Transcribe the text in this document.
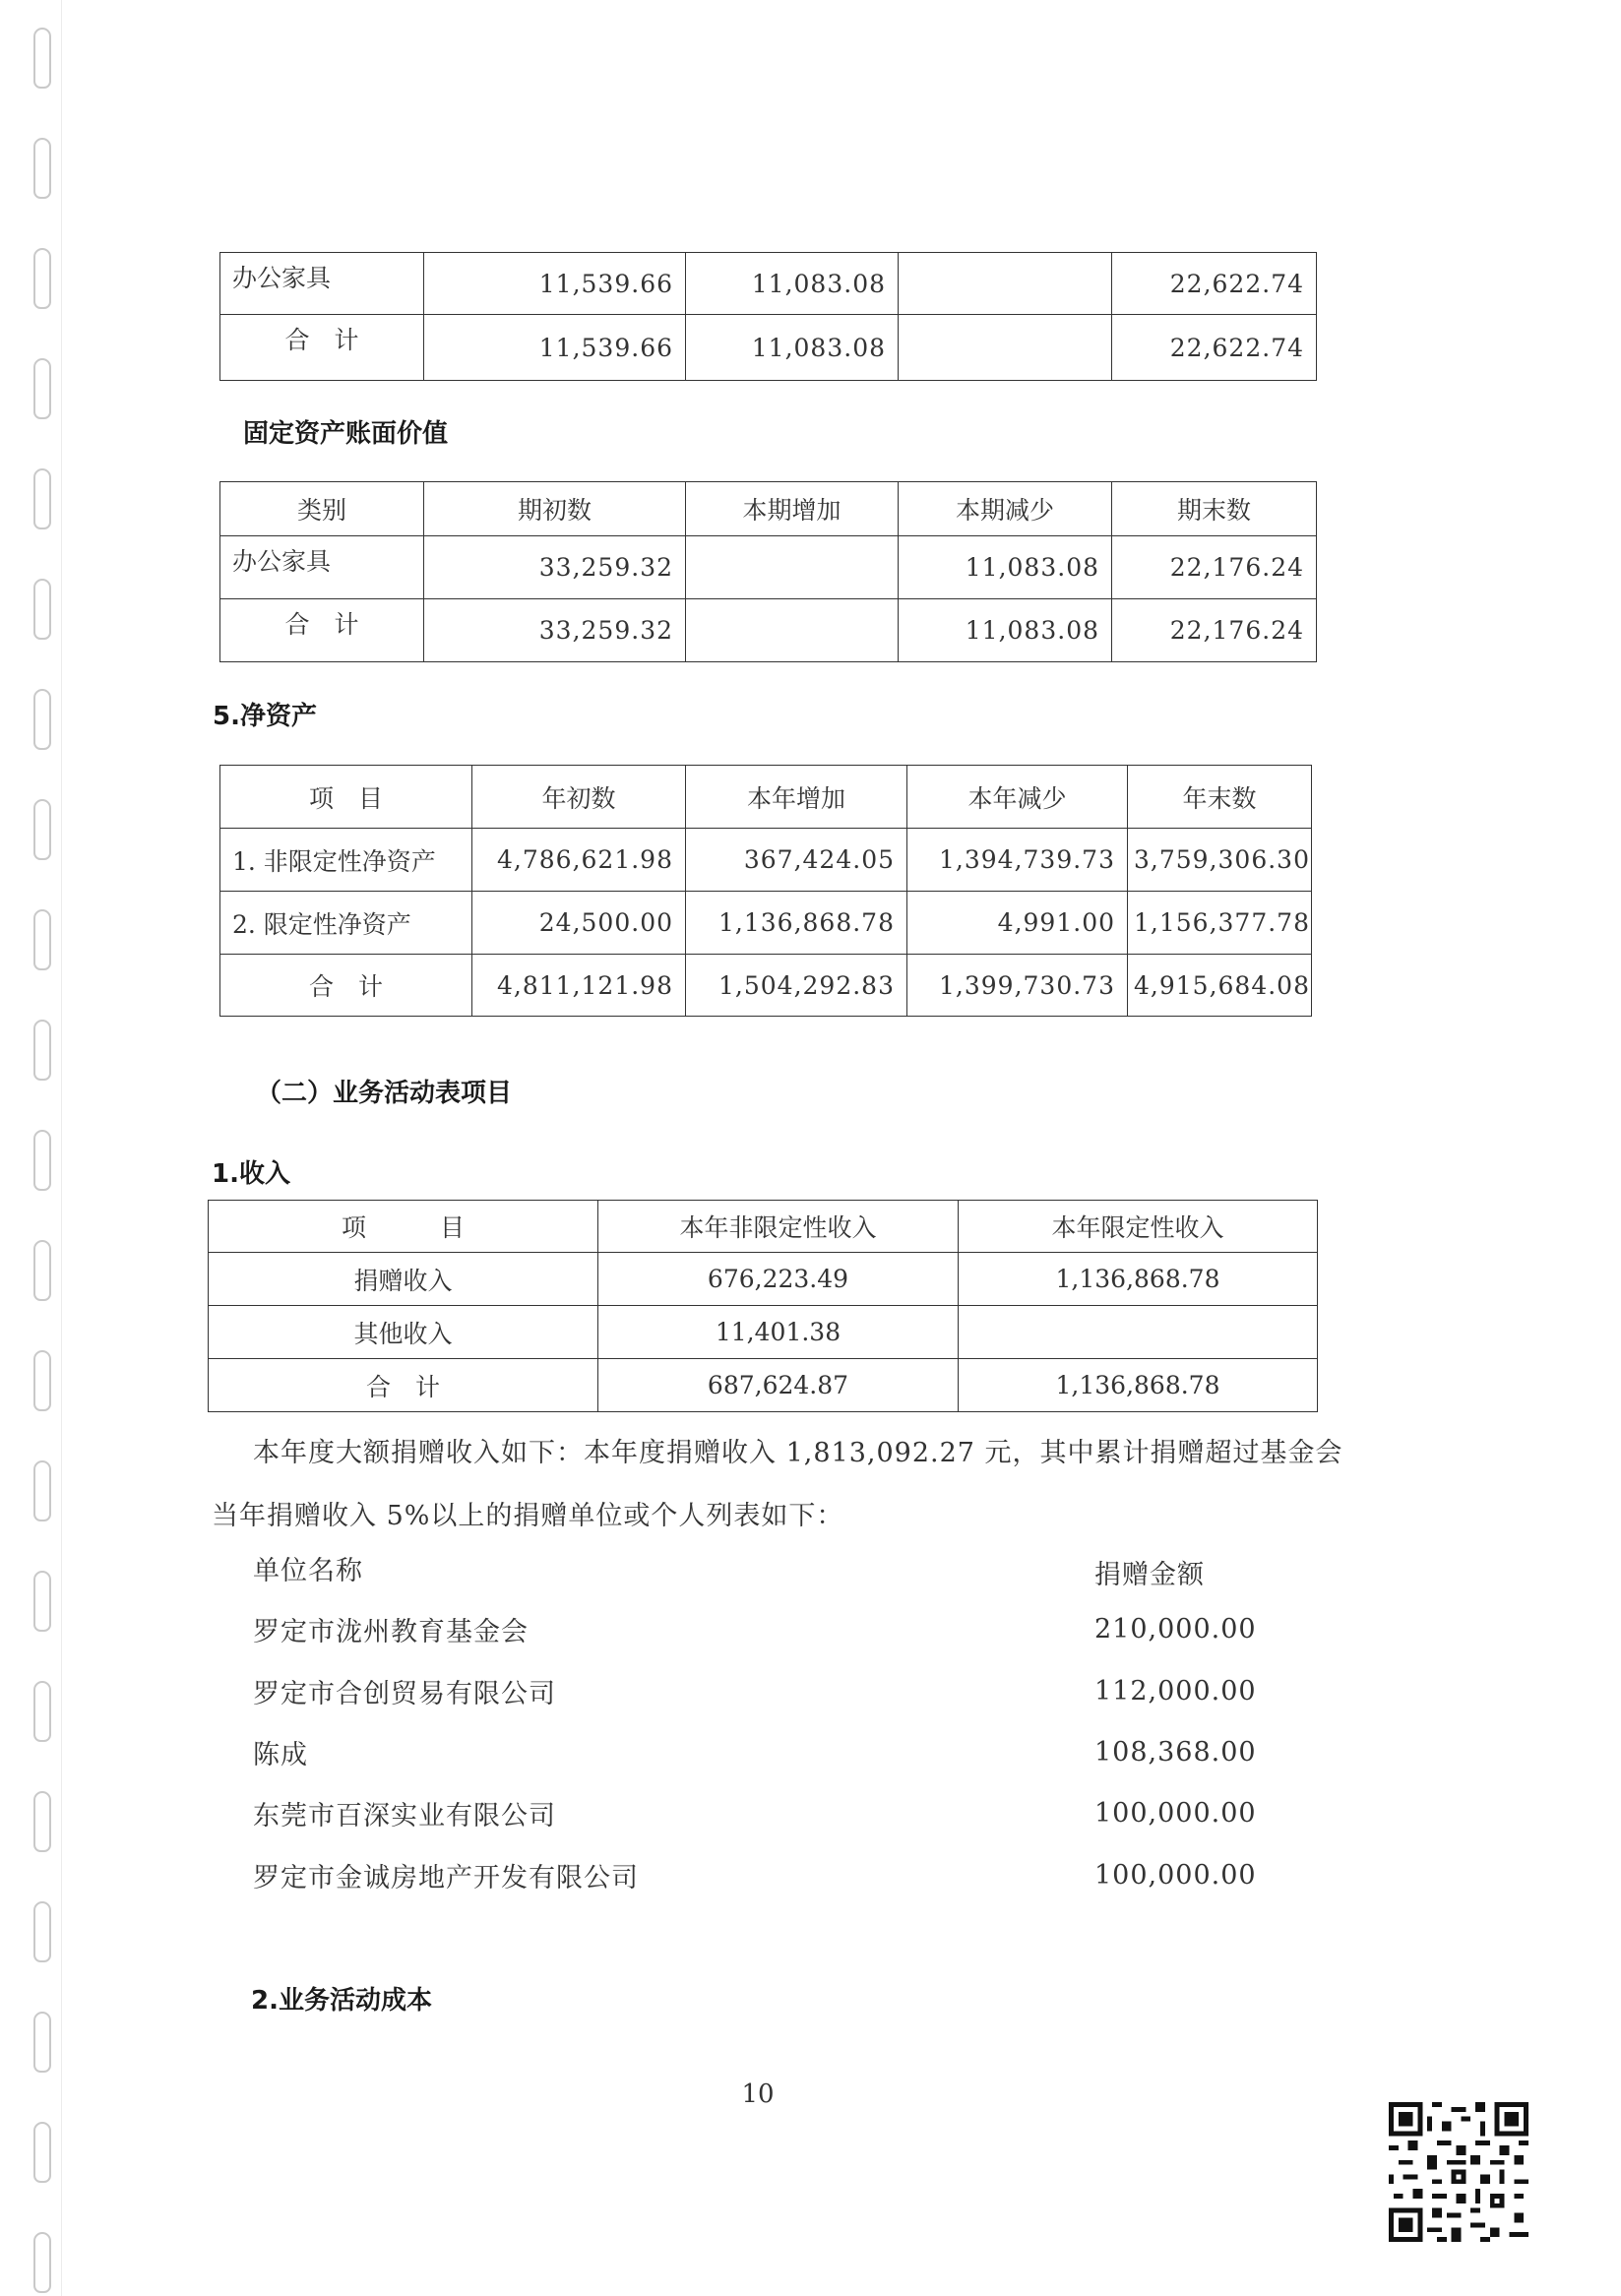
办公家具	11,539.66	11,083.08		22,622.74
合　计	11,539.66	11,083.08		22,622.74
固定资产账面价值
类别	期初数	本期增加	本期减少	期末数
办公家具	33,259.32		11,083.08	22,176.24
合　计	33,259.32		11,083.08	22,176.24
5.净资产
项　目	年初数	本年增加	本年减少	年末数
1. 非限定性净资产	4,786,621.98	367,424.05	1,394,739.73	3,759,306.30
2. 限定性净资产	24,500.00	1,136,868.78	4,991.00	1,156,377.78
合　计	4,811,121.98	1,504,292.83	1,399,730.73	4,915,684.08
（二）业务活动表项目
1.收入
项　　　目	本年非限定性收入	本年限定性收入
捐赠收入	676,223.49	1,136,868.78
其他收入	11,401.38	
合　计	687,624.87	1,136,868.78
本年度大额捐赠收入如下：本年度捐赠收入 1,813,092.27 元，其中累计捐赠超过基金会
当年捐赠收入 5%以上的捐赠单位或个人列表如下：
单位名称	捐赠金额
罗定市泷州教育基金会	210,000.00
罗定市合创贸易有限公司	112,000.00
陈成	108,368.00
东莞市百深实业有限公司	100,000.00
罗定市金诚房地产开发有限公司	100,000.00
2.业务活动成本
10
